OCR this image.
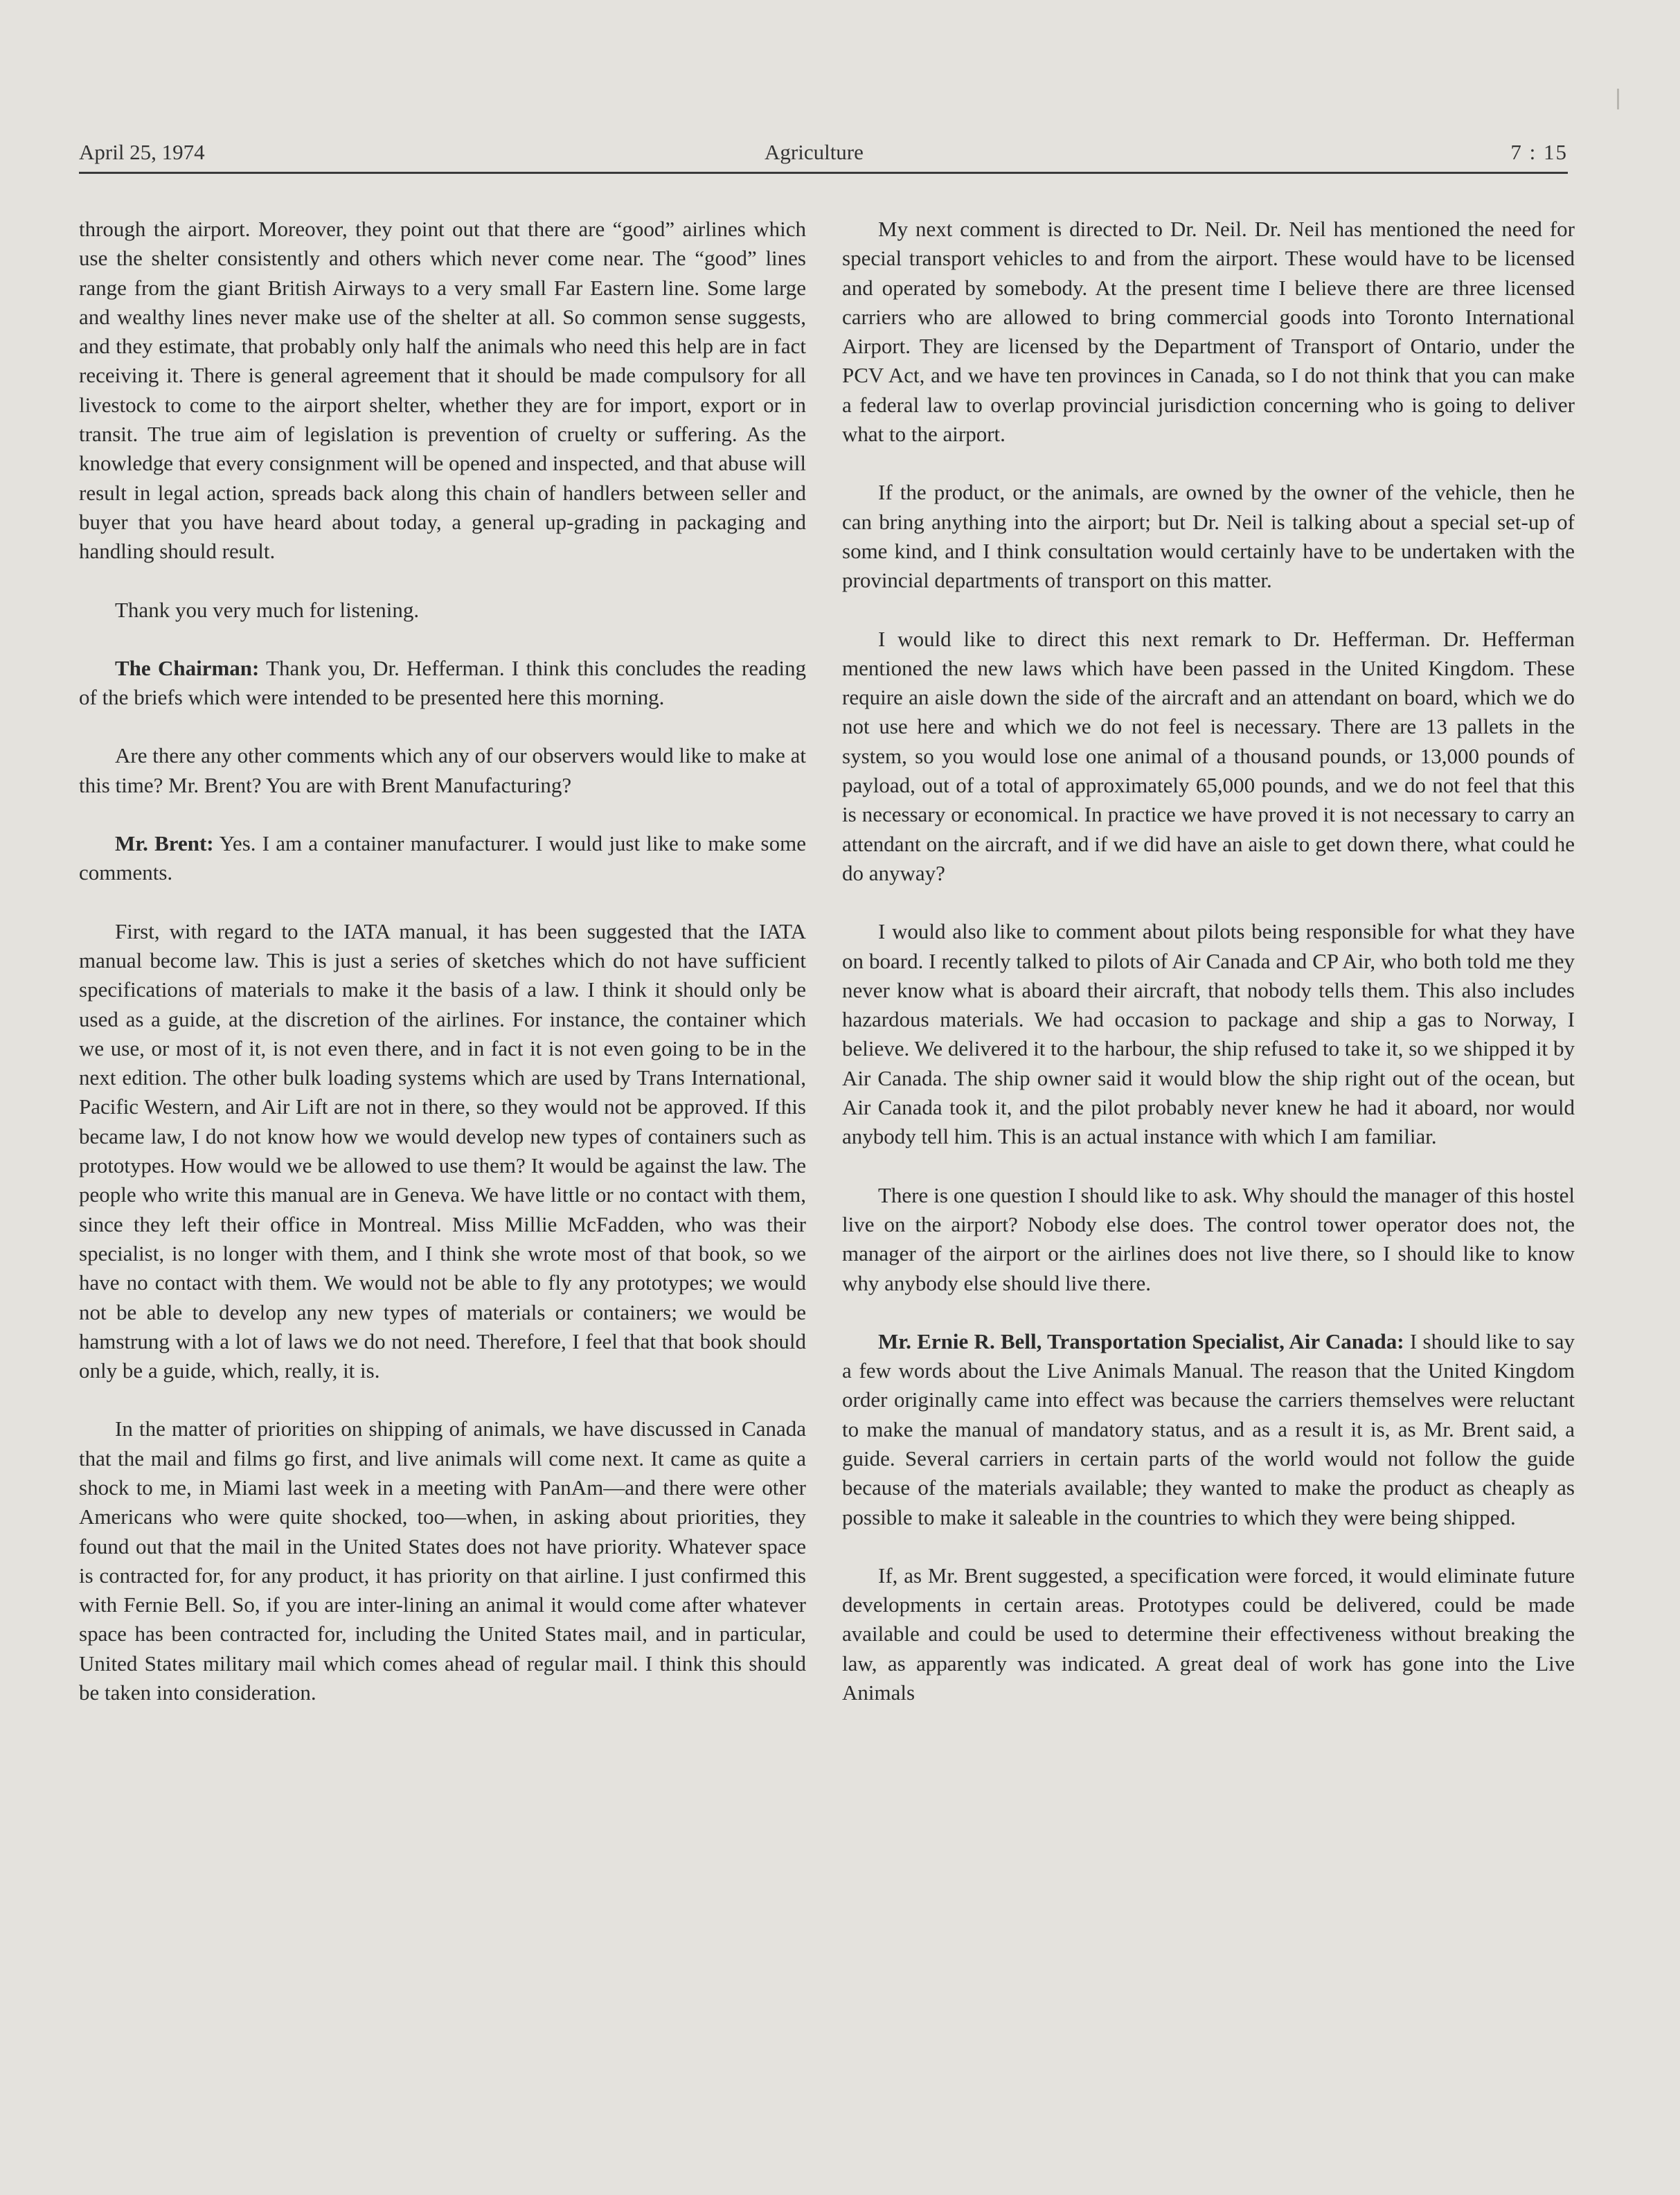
April 25, 1974	Agriculture	7 : 15

through the airport. Moreover, they point out that there are “good” airlines which use the shelter consistently and others which never come near. The “good” lines range from the giant British Airways to a very small Far Eastern line. Some large and wealthy lines never make use of the shelter at all. So common sense suggests, and they estimate, that probably only half the animals who need this help are in fact receiving it. There is general agreement that it should be made compulsory for all livestock to come to the airport shelter, whether they are for import, export or in transit. The true aim of legislation is prevention of cruelty or suffering. As the knowledge that every consignment will be opened and inspected, and that abuse will result in legal action, spreads back along this chain of handlers between seller and buyer that you have heard about today, a general up-grading in packaging and handling should result.

Thank you very much for listening.

The Chairman: Thank you, Dr. Hefferman. I think this concludes the reading of the briefs which were intended to be presented here this morning.

Are there any other comments which any of our observers would like to make at this time? Mr. Brent? You are with Brent Manufacturing?

Mr. Brent: Yes. I am a container manufacturer. I would just like to make some comments.

First, with regard to the IATA manual, it has been suggested that the IATA manual become law. This is just a series of sketches which do not have sufficient specifications of materials to make it the basis of a law. I think it should only be used as a guide, at the discretion of the airlines. For instance, the container which we use, or most of it, is not even there, and in fact it is not even going to be in the next edition. The other bulk loading systems which are used by Trans International, Pacific Western, and Air Lift are not in there, so they would not be approved. If this became law, I do not know how we would develop new types of containers such as prototypes. How would we be allowed to use them? It would be against the law. The people who write this manual are in Geneva. We have little or no contact with them, since they left their office in Montreal. Miss Millie McFadden, who was their specialist, is no longer with them, and I think she wrote most of that book, so we have no contact with them. We would not be able to fly any prototypes; we would not be able to develop any new types of materials or containers; we would be hamstrung with a lot of laws we do not need. Therefore, I feel that that book should only be a guide, which, really, it is.

In the matter of priorities on shipping of animals, we have discussed in Canada that the mail and films go first, and live animals will come next. It came as quite a shock to me, in Miami last week in a meeting with PanAm—and there were other Americans who were quite shocked, too—when, in asking about priorities, they found out that the mail in the United States does not have priority. Whatever space is contracted for, for any product, it has priority on that airline. I just confirmed this with Fernie Bell. So, if you are inter-lining an animal it would come after whatever space has been contracted for, including the United States mail, and in particular, United States military mail which comes ahead of regular mail. I think this should be taken into consideration.

My next comment is directed to Dr. Neil. Dr. Neil has mentioned the need for special transport vehicles to and from the airport. These would have to be licensed and operated by somebody. At the present time I believe there are three licensed carriers who are allowed to bring commercial goods into Toronto International Airport. They are licensed by the Department of Transport of Ontario, under the PCV Act, and we have ten provinces in Canada, so I do not think that you can make a federal law to overlap provincial jurisdiction concerning who is going to deliver what to the airport.

If the product, or the animals, are owned by the owner of the vehicle, then he can bring anything into the airport; but Dr. Neil is talking about a special set-up of some kind, and I think consultation would certainly have to be undertaken with the provincial departments of transport on this matter.

I would like to direct this next remark to Dr. Hefferman. Dr. Hefferman mentioned the new laws which have been passed in the United Kingdom. These require an aisle down the side of the aircraft and an attendant on board, which we do not use here and which we do not feel is necessary. There are 13 pallets in the system, so you would lose one animal of a thousand pounds, or 13,000 pounds of payload, out of a total of approximately 65,000 pounds, and we do not feel that this is necessary or economical. In practice we have proved it is not necessary to carry an attendant on the aircraft, and if we did have an aisle to get down there, what could he do anyway?

I would also like to comment about pilots being responsible for what they have on board. I recently talked to pilots of Air Canada and CP Air, who both told me they never know what is aboard their aircraft, that nobody tells them. This also includes hazardous materials. We had occasion to package and ship a gas to Norway, I believe. We delivered it to the harbour, the ship refused to take it, so we shipped it by Air Canada. The ship owner said it would blow the ship right out of the ocean, but Air Canada took it, and the pilot probably never knew he had it aboard, nor would anybody tell him. This is an actual instance with which I am familiar.

There is one question I should like to ask. Why should the manager of this hostel live on the airport? Nobody else does. The control tower operator does not, the manager of the airport or the airlines does not live there, so I should like to know why anybody else should live there.

Mr. Ernie R. Bell, Transportation Specialist, Air Canada: I should like to say a few words about the Live Animals Manual. The reason that the United Kingdom order originally came into effect was because the carriers themselves were reluctant to make the manual of mandatory status, and as a result it is, as Mr. Brent said, a guide. Several carriers in certain parts of the world would not follow the guide because of the materials available; they wanted to make the product as cheaply as possible to make it saleable in the countries to which they were being shipped.

If, as Mr. Brent suggested, a specification were forced, it would eliminate future developments in certain areas. Prototypes could be delivered, could be made available and could be used to determine their effectiveness without breaking the law, as apparently was indicated. A great deal of work has gone into the Live Animals
